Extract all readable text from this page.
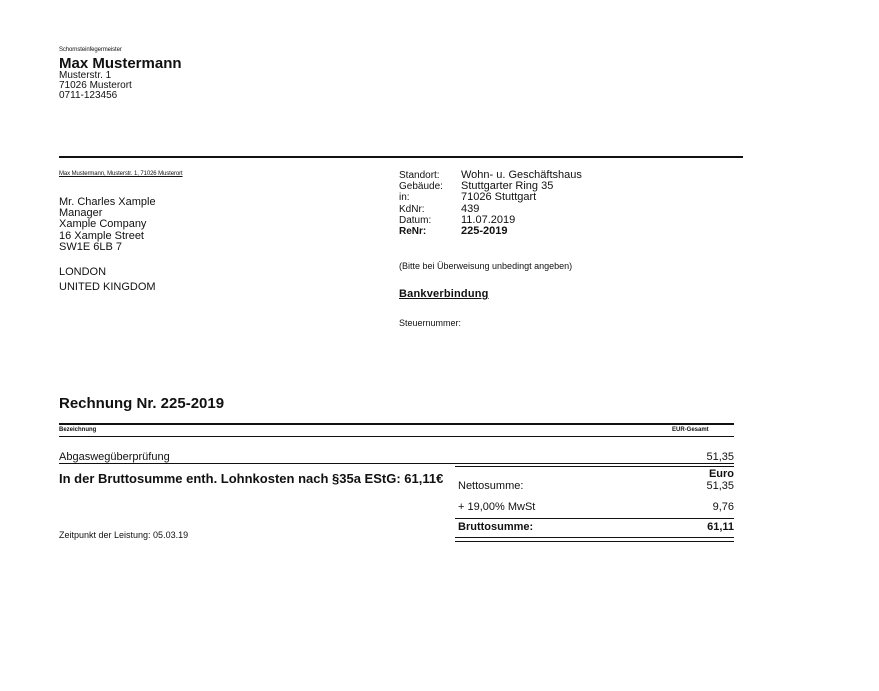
Schornsteinfegermeister
Max Mustermann
Musterstr. 1
71026 Musterort
0711-123456
Max Mustermann, Musterstr. 1, 71026 Musterort
Mr. Charles Xample
Manager
Xample Company
16 Xample Street
SW1E 6LB 7
LONDON
UNITED KINGDOM
Standort:	Wohn- u. Geschäftshaus
Gebäude:	Stuttgarter Ring 35
in:	71026 Stuttgart
KdNr:	439
Datum:	11.07.2019
ReNr:	225-2019
(Bitte bei Überweisung unbedingt angeben)
Bankverbindung
Steuernummer:
Rechnung Nr. 225-2019
Bezeichnung	EUR-Gesamt
Abgaswegüberprüfung	51,35
In der Bruttosumme enth. Lohnkosten nach §35a EStG: 61,11€	Euro
Nettosumme:	51,35
+ 19,00% MwSt	9,76
Bruttosumme:	61,11
Zeitpunkt der Leistung: 05.03.19
